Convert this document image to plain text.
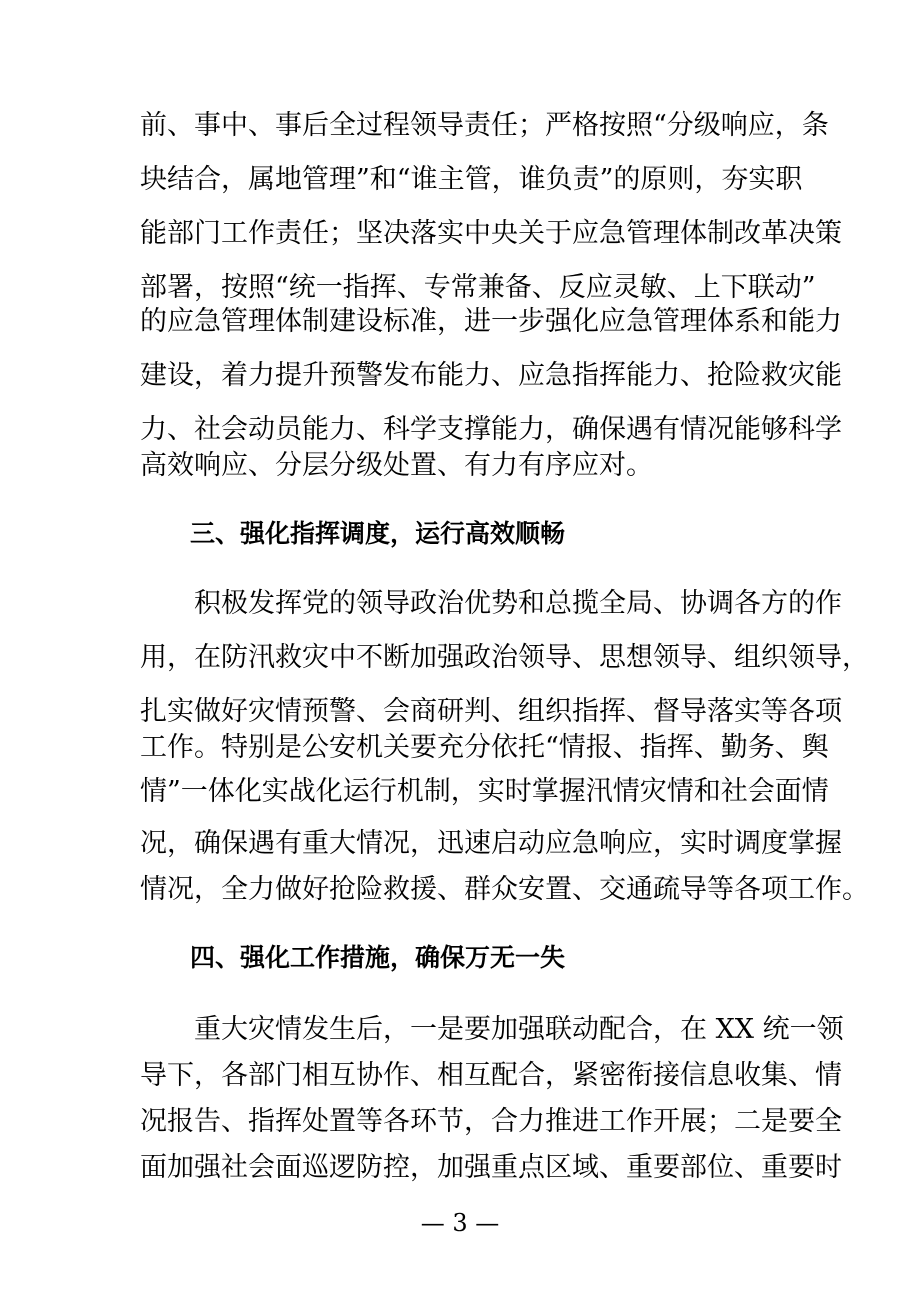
前、事中、事后全过程领导责任；严格按照“分级响应，条
块结合，属地管理”和“谁主管，谁负责”的原则，夯实职
能部门工作责任；坚决落实中央关于应急管理体制改革决策
部署，按照“统一指挥、专常兼备、反应灵敏、上下联动”
的应急管理体制建设标准，进一步强化应急管理体系和能力
建设，着力提升预警发布能力、应急指挥能力、抢险救灾能
力、社会动员能力、科学支撑能力，确保遇有情况能够科学
高效响应、分层分级处置、有力有序应对。
三、强化指挥调度，运行高效顺畅
积极发挥党的领导政治优势和总揽全局、协调各方的作
用，在防汛救灾中不断加强政治领导、思想领导、组织领导，
扎实做好灾情预警、会商研判、组织指挥、督导落实等各项
工作。特别是公安机关要充分依托“情报、指挥、勤务、舆
情”一体化实战化运行机制，实时掌握汛情灾情和社会面情
况，确保遇有重大情况，迅速启动应急响应，实时调度掌握
情况，全力做好抢险救援、群众安置、交通疏导等各项工作。
四、强化工作措施，确保万无一失
重大灾情发生后，一是要加强联动配合，在 XX 统一领
导下，各部门相互协作、相互配合，紧密衔接信息收集、情
况报告、指挥处置等各环节，合力推进工作开展；二是要全
面加强社会面巡逻防控，加强重点区域、重要部位、重要时
— 3 —
